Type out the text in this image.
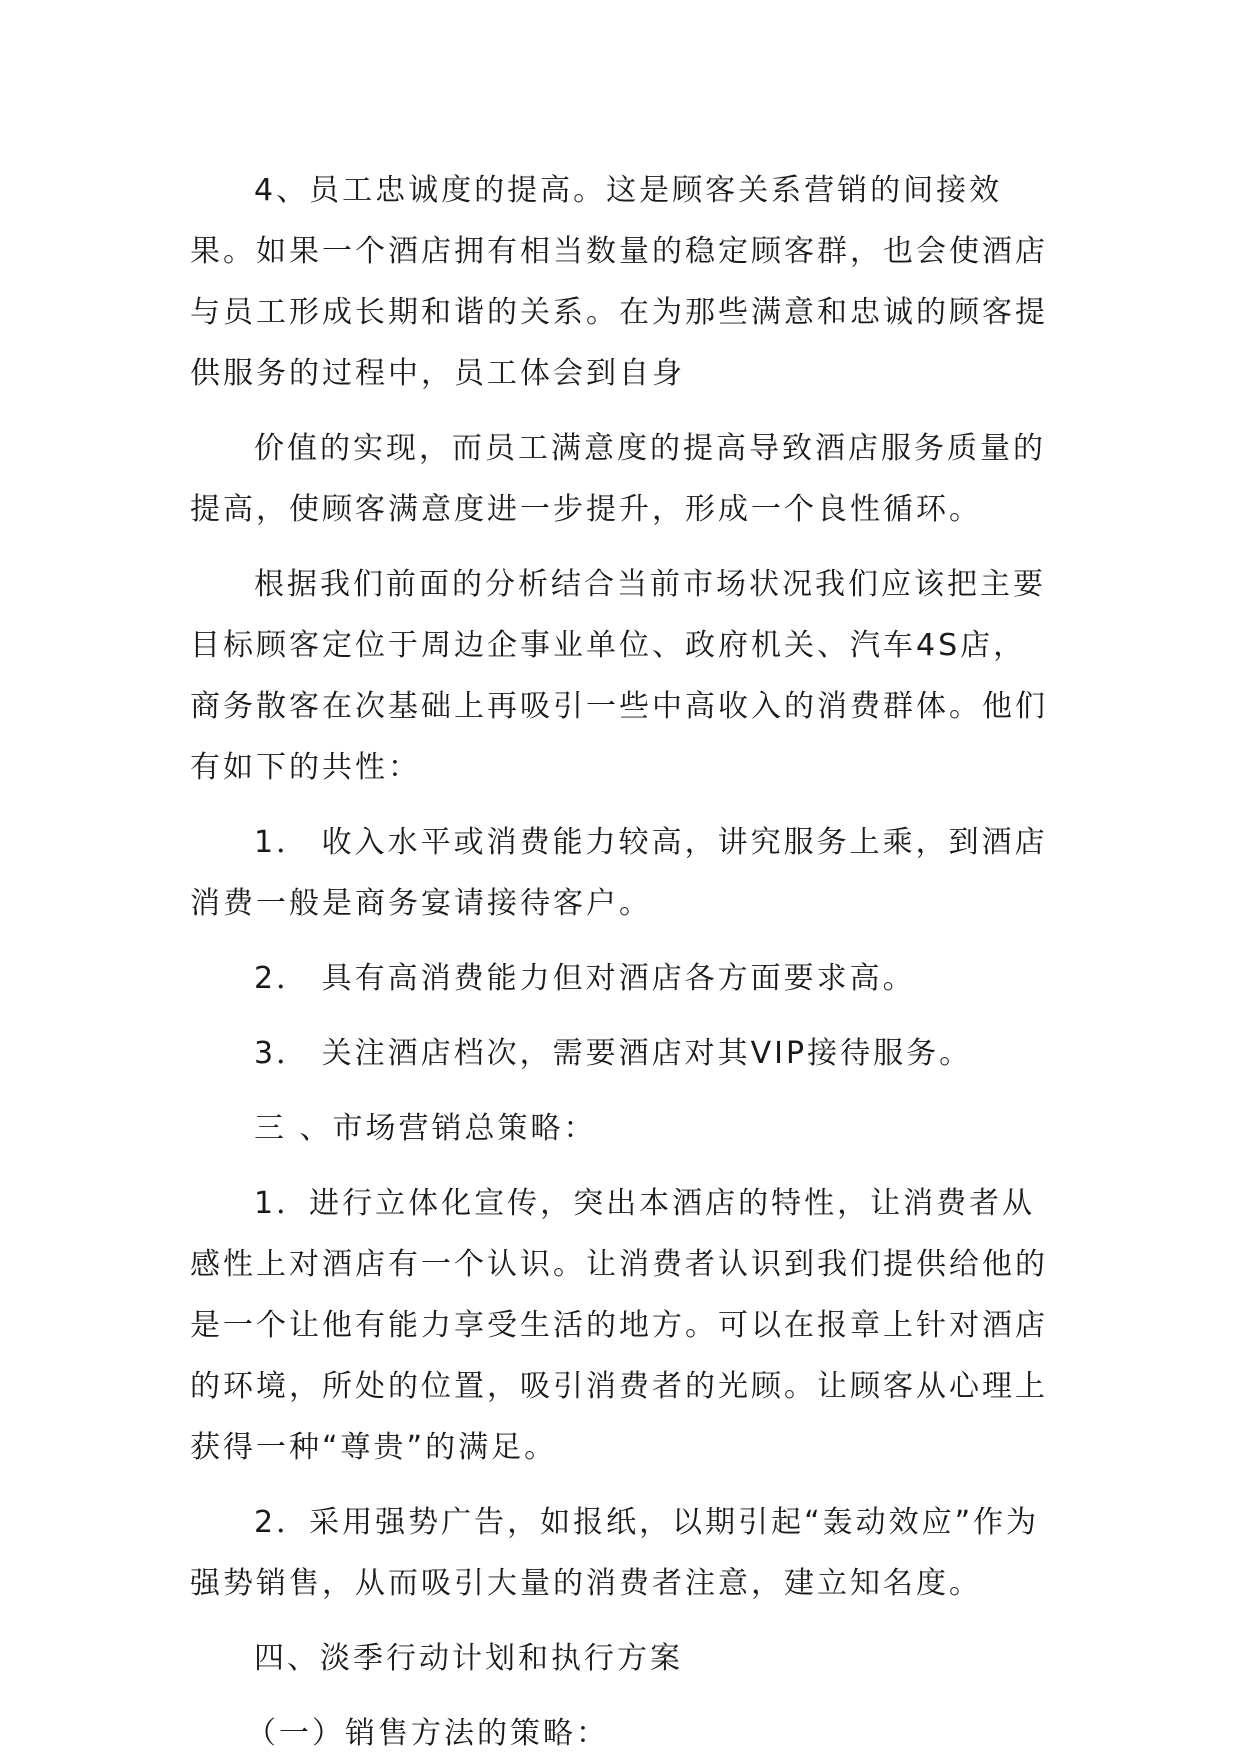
4、员工忠诚度的提高。这是顾客关系营销的间接效果。如果一个酒店拥有相当数量的稳定顾客群，也会使酒店与员工形成长期和谐的关系。在为那些满意和忠诚的顾客提供服务的过程中，员工体会到自身

价值的实现，而员工满意度的提高导致酒店服务质量的提高，使顾客满意度进一步提升，形成一个良性循环。

根据我们前面的分析结合当前市场状况我们应该把主要目标顾客定位于周边企事业单位、政府机关、汽车4S店，商务散客在次基础上再吸引一些中高收入的消费群体。他们有如下的共性：

1． 收入水平或消费能力较高，讲究服务上乘，到酒店消费一般是商务宴请接待客户。

2． 具有高消费能力但对酒店各方面要求高。

3． 关注酒店档次，需要酒店对其VIP接待服务。

三 、市场营销总策略：

1．进行立体化宣传，突出本酒店的特性，让消费者从感性上对酒店有一个认识。让消费者认识到我们提供给他的是一个让他有能力享受生活的地方。可以在报章上针对酒店的环境，所处的位置，吸引消费者的光顾。让顾客从心理上获得一种“尊贵”的满足。

2．采用强势广告，如报纸，以期引起“轰动效应”作为强势销售，从而吸引大量的消费者注意，建立知名度。

四、淡季行动计划和执行方案

（一）销售方法的策略：
